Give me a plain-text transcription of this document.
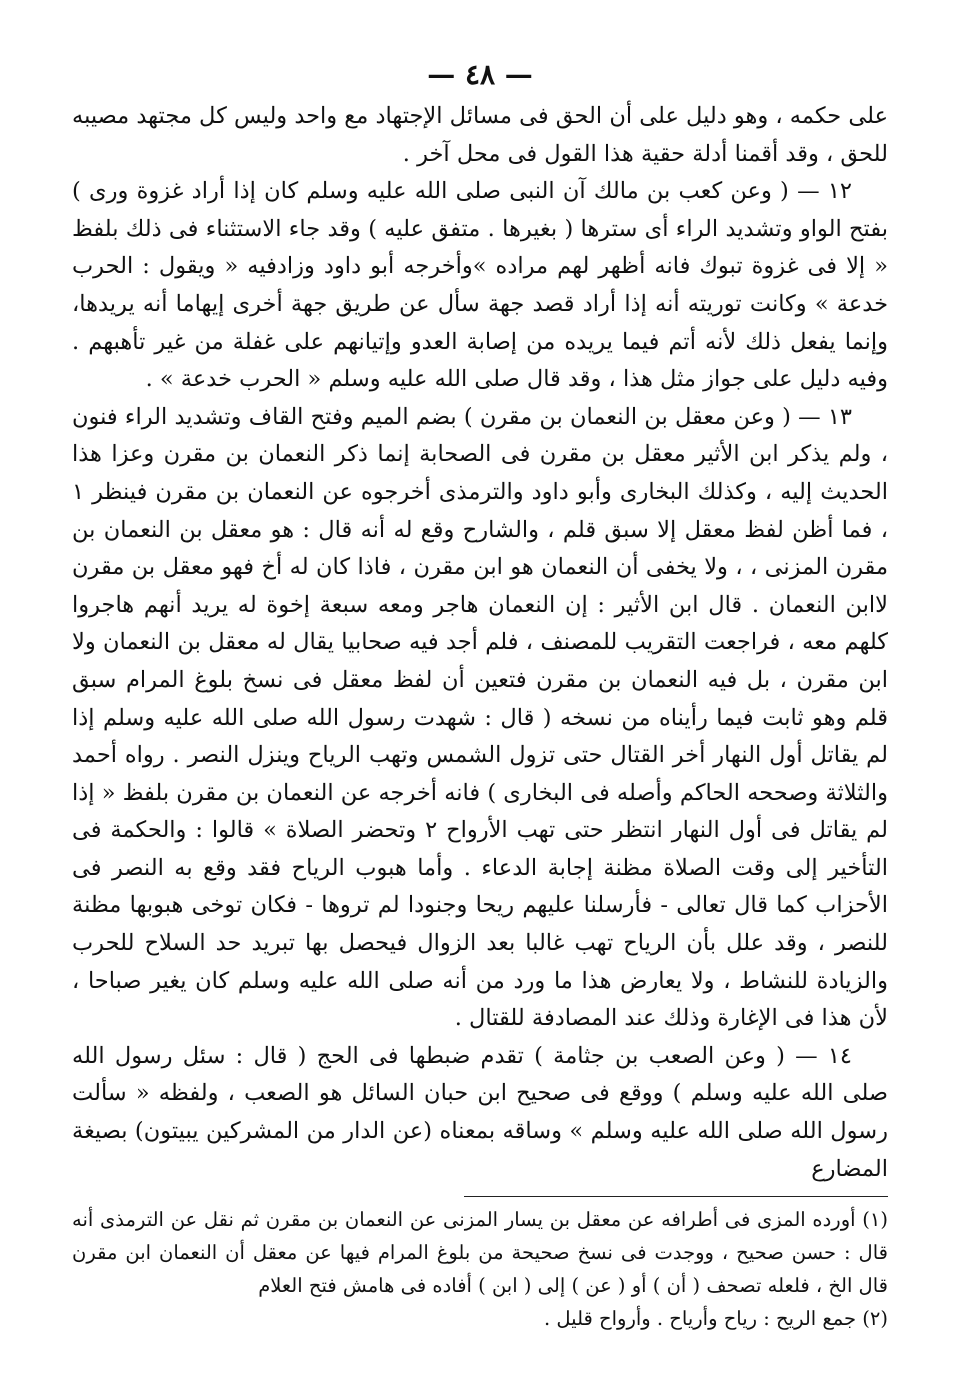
— ٤٨ —

على حكمه ، وهو دليل على أن الحق فى مسائل الإجتهاد مع واحد وليس كل مجتهد مصيبه للحق ، وقد أقمنا أدلة حقية هذا القول فى محل آخر .

١٢ — ( وعن كعب بن مالك آن النبى صلى الله عليه وسلم كان إذا أراد غزوة ورى ) بفتح الواو وتشديد الراء أى سترها ( بغيرها . متفق عليه ) وقد جاء الاستثناء فى ذلك بلفظ « إلا فى غزوة تبوك فانه أظهر لهم مراده »وأخرجه أبو داود وزادفيه « ويقول : الحرب خدعة » وكانت توريته أنه إذا أراد قصد جهة سأل عن طريق جهة أخرى إيهاما أنه يريدها، وإنما يفعل ذلك لأنه أتم فيما يريده من إصابة العدو وإتيانهم على غفلة من غير تأهبهم . وفيه دليل على جواز مثل هذا ، وقد قال صلى الله عليه وسلم « الحرب خدعة » .

١٣ — ( وعن معقل بن النعمان بن مقرن ) بضم الميم وفتح القاف وتشديد الراء فنون ، ولم يذكر ابن الأثير معقل بن مقرن فى الصحابة إنما ذكر النعمان بن مقرن وعزا هذا الحديث إليه ، وكذلك البخارى وأبو داود والترمذى أخرجوه عن النعمان بن مقرن فينظر ١ ، فما أظن لفظ معقل إلا سبق قلم ، والشارح وقع له أنه قال : هو معقل بن النعمان بن مقرن المزنى ، ، ولا يخفى أن النعمان هو ابن مقرن ، فاذا كان له أخ فهو معقل بن مقرن لاابن النعمان . قال ابن الأثير : إن النعمان هاجر ومعه سبعة إخوة له يريد أنهم هاجروا كلهم معه ، فراجعت التقريب للمصنف ، فلم أجد فيه صحابيا يقال له معقل بن النعمان ولا ابن مقرن ، بل فيه النعمان بن مقرن فتعين أن لفظ معقل فى نسخ بلوغ المرام سبق قلم وهو ثابت فيما رأيناه من نسخه ( قال : شهدت رسول الله صلى الله عليه وسلم إذا لم يقاتل أول النهار أخر القتال حتى تزول الشمس وتهب الرياح وينزل النصر . رواه أحمد والثلاثة وصححه الحاكم وأصله فى البخارى ) فانه أخرجه عن النعمان بن مقرن بلفظ « إذا لم يقاتل فى أول النهار انتظر حتى تهب الأرواح ٢ وتحضر الصلاة » قالوا : والحكمة فى التأخير إلى وقت الصلاة مظنة إجابة الدعاء . وأما هبوب الرياح فقد وقع به النصر فى الأحزاب كما قال تعالى - فأرسلنا عليهم ريحا وجنودا لم تروها - فكان توخى هبوبها مظنة للنصر ، وقد علل بأن الرياح تهب غالبا بعد الزوال فيحصل بها تبريد حد السلاح للحرب والزيادة للنشاط ، ولا يعارض هذا ما ورد من أنه صلى الله عليه وسلم كان يغير صباحا ، لأن هذا فى الإغارة وذلك عند المصادفة للقتال .

١٤ — ( وعن الصعب بن جثامة ) تقدم ضبطها فى الحج ( قال : سئل رسول الله صلى الله عليه وسلم ) ووقع فى صحيح ابن حبان السائل هو الصعب ، ولفظه « سألت رسول الله صلى الله عليه وسلم » وساقه بمعناه (عن الدار من المشركين يبيتون) بصيغة المضارع

(١) أورده المزى فى أطرافه عن معقل بن يسار المزنى عن النعمان بن مقرن ثم نقل عن الترمذى أنه قال : حسن صحيح ، ووجدت فى نسخ صحيحة من بلوغ المرام فيها عن معقل أن النعمان ابن مقرن قال الخ ، فلعله تصحف ( أن ) أو ( عن ) إلى ( ابن ) أفاده فى هامش فتح العلام

(٢) جمع الريح : رياح وأرياح . وأرواح قليل .
